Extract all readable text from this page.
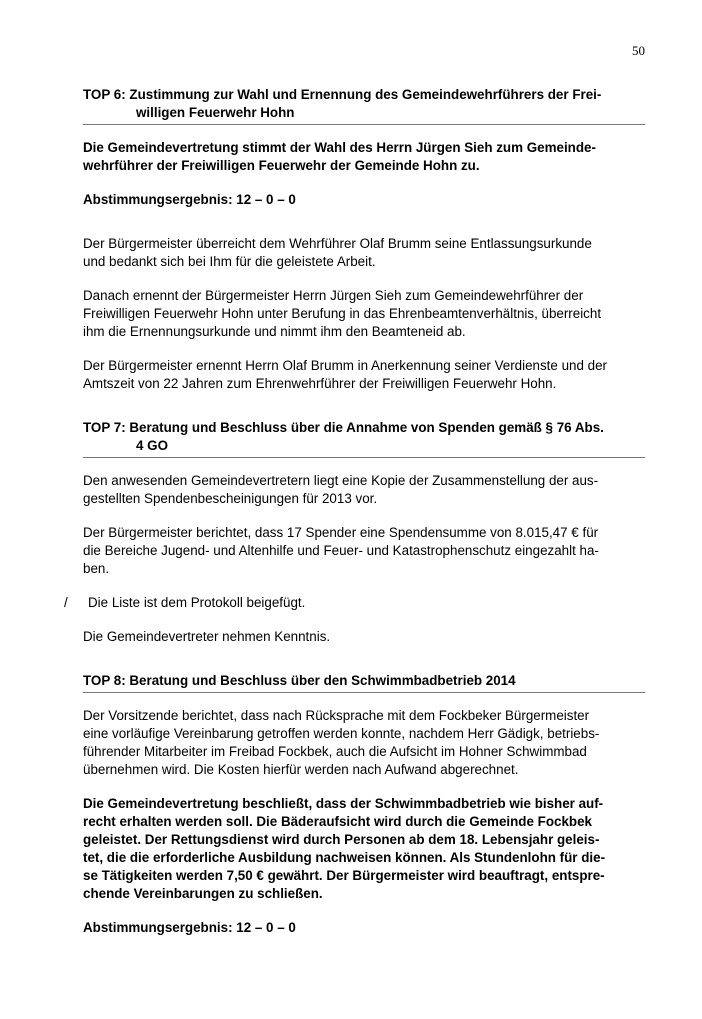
50
TOP 6: Zustimmung zur Wahl und Ernennung des Gemeindewehrführers der Frei-
willigen Feuerwehr Hohn

Die Gemeindevertretung stimmt der Wahl des Herrn Jürgen Sieh zum Gemeinde-
wehrführer der Freiwilligen Feuerwehr der Gemeinde Hohn zu.

Abstimmungsergebnis: 12 – 0 – 0

Der Bürgermeister überreicht dem Wehrführer Olaf Brumm seine Entlassungsurkunde
und bedankt sich bei Ihm für die geleistete Arbeit.

Danach ernennt der Bürgermeister Herrn Jürgen Sieh zum Gemeindewehrführer der
Freiwilligen Feuerwehr Hohn unter Berufung in das Ehrenbeamtenverhältnis, überreicht
ihm die Ernennungsurkunde und nimmt ihm den Beamteneid ab.

Der Bürgermeister ernennt Herrn Olaf Brumm in Anerkennung seiner Verdienste und der
Amtszeit von 22 Jahren zum Ehrenwehrführer der Freiwilligen Feuerwehr Hohn.

TOP 7: Beratung und Beschluss über die Annahme von Spenden gemäß § 76 Abs.
4 GO

Den anwesenden Gemeindevertretern liegt eine Kopie der Zusammenstellung der aus-
gestellten Spendenbescheinigungen für 2013 vor.

Der Bürgermeister berichtet, dass 17 Spender eine Spendensumme von 8.015,47 € für
die Bereiche Jugend- und Altenhilfe und Feuer- und Katastrophenschutz eingezahlt ha-
ben.

/ Die Liste ist dem Protokoll beigefügt.

Die Gemeindevertreter nehmen Kenntnis.

TOP 8: Beratung und Beschluss über den Schwimmbadbetrieb 2014

Der Vorsitzende berichtet, dass nach Rücksprache mit dem Fockbeker Bürgermeister
eine vorläufige Vereinbarung getroffen werden konnte, nachdem Herr Gädigk, betriebs-
führender Mitarbeiter im Freibad Fockbek, auch die Aufsicht im Hohner Schwimmbad
übernehmen wird. Die Kosten hierfür werden nach Aufwand abgerechnet.

Die Gemeindevertretung beschließt, dass der Schwimmbadbetrieb wie bisher auf-
recht erhalten werden soll. Die Bäderaufsicht wird durch die Gemeinde Fockbek
geleistet. Der Rettungsdienst wird durch Personen ab dem 18. Lebensjahr geleis-
tet, die die erforderliche Ausbildung nachweisen können. Als Stundenlohn für die-
se Tätigkeiten werden 7,50 € gewährt. Der Bürgermeister wird beauftragt, entspre-
chende Vereinbarungen zu schließen.

Abstimmungsergebnis: 12 – 0 – 0
